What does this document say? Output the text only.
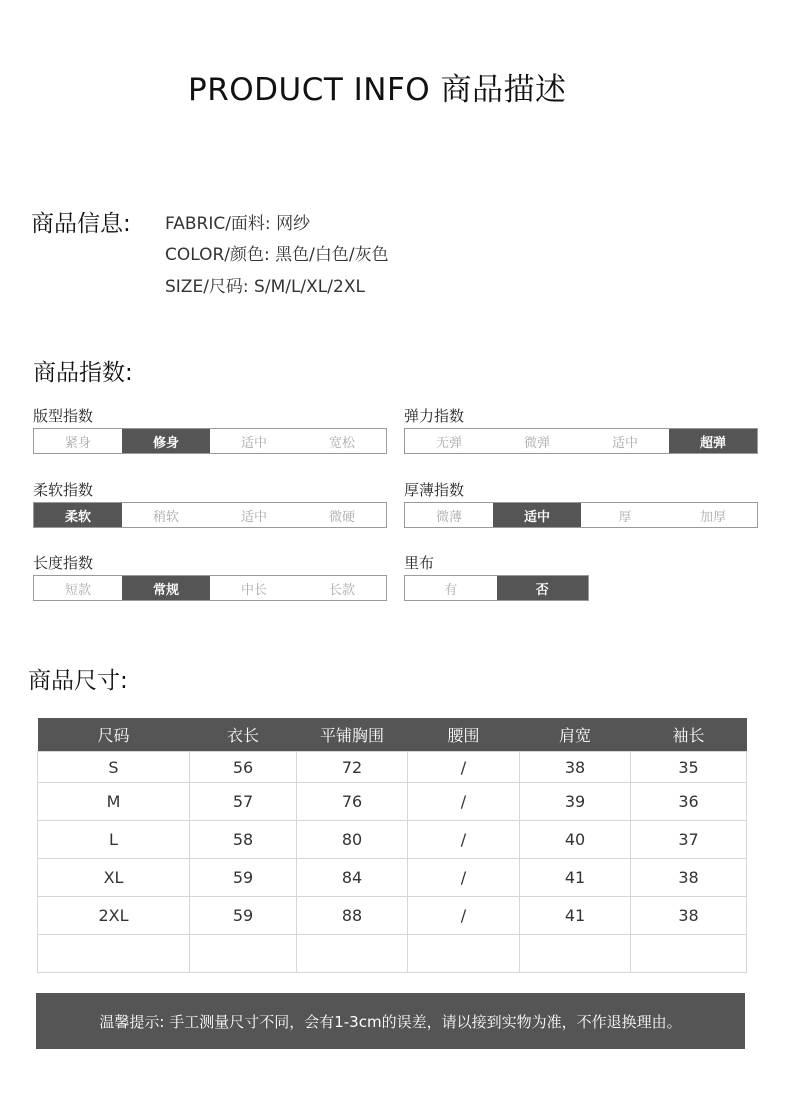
PRODUCT INFO 商品描述
商品信息: FABRIC/面料: 网纱
COLOR/颜色: 黑色/白色/灰色
SIZE/尺码: S/M/L/XL/2XL
商品指数:
版型指数
紧身	修身	适中	宽松
弹力指数
无弹	微弹	适中	超弹
柔软指数
柔软	稍软	适中	微硬
厚薄指数
微薄	适中	厚	加厚
长度指数
短款	常规	中长	长款
里布
有	否
商品尺寸:
尺码	衣长	平铺胸围	腰围	肩宽	袖长
S	56	72	/	38	35
M	57	76	/	39	36
L	58	80	/	40	37
XL	59	84	/	41	38
2XL	59	88	/	41	38

温馨提示: 手工测量尺寸不同，会有1-3cm的误差，请以接到实物为准，不作退换理由。
